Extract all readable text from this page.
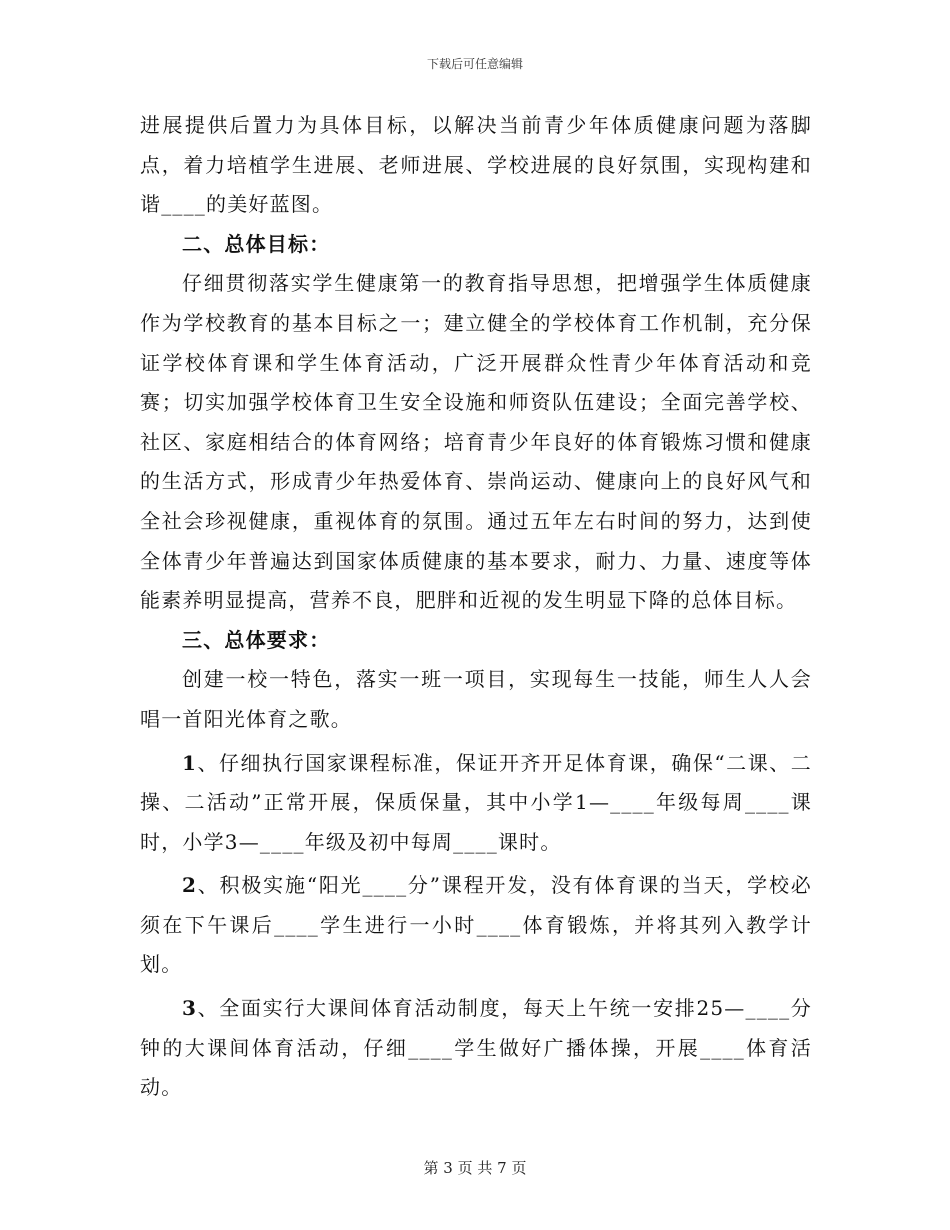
下载后可任意编辑

进展提供后置力为具体目标，以解决当前青少年体质健康问题为落脚点，着力培植学生进展、老师进展、学校进展的良好氛围，实现构建和谐____的美好蓝图。

二、总体目标：

仔细贯彻落实学生健康第一的教育指导思想，把增强学生体质健康作为学校教育的基本目标之一；建立健全的学校体育工作机制，充分保证学校体育课和学生体育活动，广泛开展群众性青少年体育活动和竞赛；切实加强学校体育卫生安全设施和师资队伍建设；全面完善学校、社区、家庭相结合的体育网络；培育青少年良好的体育锻炼习惯和健康的生活方式，形成青少年热爱体育、崇尚运动、健康向上的良好风气和全社会珍视健康，重视体育的氛围。通过五年左右时间的努力，达到使全体青少年普遍达到国家体质健康的基本要求，耐力、力量、速度等体能素养明显提高，营养不良，肥胖和近视的发生明显下降的总体目标。

三、总体要求：

创建一校一特色，落实一班一项目，实现每生一技能，师生人人会唱一首阳光体育之歌。

1、仔细执行国家课程标准，保证开齐开足体育课，确保“二课、二操、二活动”正常开展，保质保量，其中小学1—____年级每周____课时，小学3—____年级及初中每周____课时。

2、积极实施“阳光____分”课程开发，没有体育课的当天，学校必须在下午课后____学生进行一小时____体育锻炼，并将其列入教学计划。

3、全面实行大课间体育活动制度，每天上午统一安排25—____分钟的大课间体育活动，仔细____学生做好广播体操，开展____体育活动。

第 3 页 共 7 页
